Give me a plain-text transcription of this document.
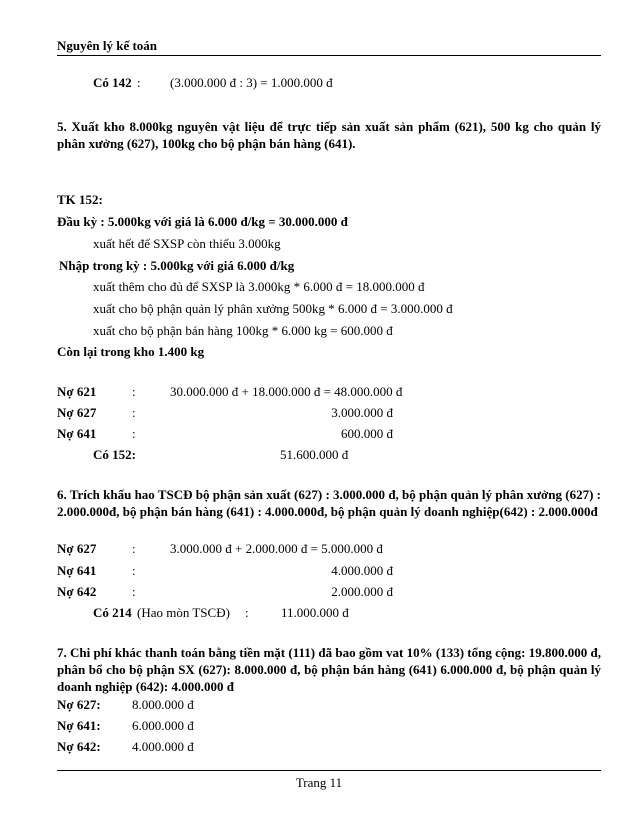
Nguyên lý kế toán
Có 142 : (3.000.000 đ : 3) = 1.000.000 đ
5. Xuất kho 8.000kg nguyên vật liệu để trực tiếp sản xuất sản phẩm (621), 500 kg cho quản lý phân xưởng (627), 100kg cho bộ phận bán hàng (641).
TK 152:
Đầu kỳ : 5.000kg với giá là 6.000 đ/kg = 30.000.000 đ
xuất hết để SXSP còn thiếu 3.000kg
Nhập trong kỳ : 5.000kg với giá 6.000 đ/kg
xuất thêm cho đủ để SXSP là 3.000kg * 6.000 đ = 18.000.000 đ
xuất cho bộ phận quản lý phân xưởng 500kg * 6.000 đ = 3.000.000 đ
xuất cho bộ phận bán hàng 100kg * 6.000 kg = 600.000 đ
Còn lại trong kho 1.400 kg
Nợ 621	:	30.000.000 đ + 18.000.000 đ = 48.000.000 đ
Nợ 627	:	3.000.000 đ
Nợ 641	:	600.000 đ
Có 152:	51.600.000 đ
6. Trích khấu hao TSCĐ bộ phận sản xuất (627) : 3.000.000 đ, bộ phận quản lý phân xưởng (627) : 2.000.000đ, bộ phận bán hàng (641) : 4.000.000đ, bộ phận quản lý doanh nghiệp(642) : 2.000.000đ
Nợ 627	:	3.000.000 đ + 2.000.000 đ = 5.000.000 đ
Nợ 641	:	4.000.000 đ
Nợ 642	:	2.000.000 đ
Có 214 (Hao mòn TSCĐ) : 11.000.000 đ
7. Chi phí khác thanh toán bằng tiền mặt (111) đã bao gồm vat 10% (133) tổng cộng: 19.800.000 đ, phân bổ cho bộ phận SX (627): 8.000.000 đ, bộ phận bán hàng (641) 6.000.000 đ, bộ phận quản lý doanh nghiệp (642): 4.000.000 đ
Nợ 627: 8.000.000 đ
Nợ 641: 6.000.000 đ
Nợ 642: 4.000.000 đ
Trang 11
